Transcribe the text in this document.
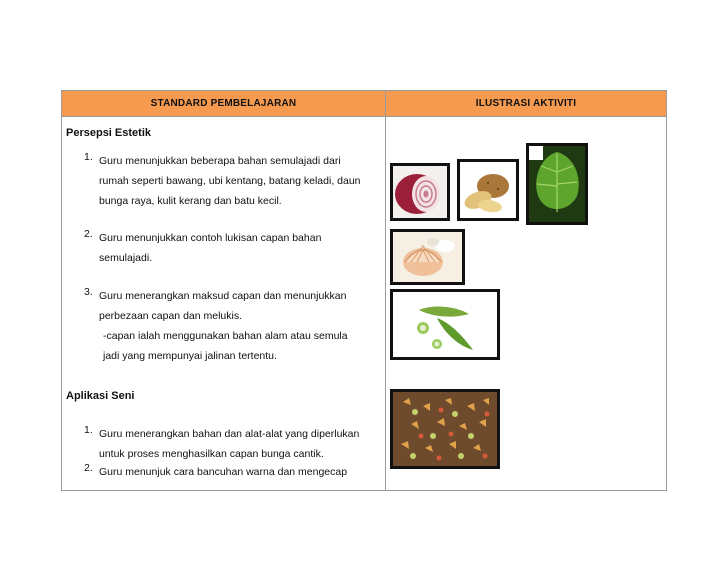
STANDARD PEMBELAJARAN	ILUSTRASI AKTIVITI
Persepsi Estetik
1. Guru menunjukkan beberapa bahan semulajadi dari
rumah seperti bawang, ubi kentang, batang keladi, daun
bunga raya, kulit kerang dan batu kecil.
2. Guru menunjukkan contoh lukisan capan bahan
semulajadi.
3. Guru menerangkan maksud capan dan menunjukkan
perbezaan capan dan melukis.
-capan ialah menggunakan bahan alam atau semula
jadi yang mempunyai jalinan tertentu.
Aplikasi Seni
1. Guru menerangkan bahan dan alat-alat yang diperlukan
untuk proses menghasilkan capan bunga cantik.
2. Guru menunjuk cara bancuhan warna dan mengecap
